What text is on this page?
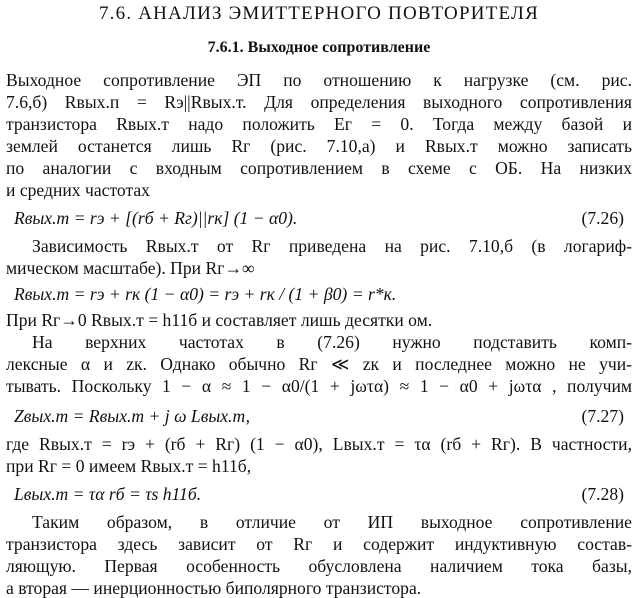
7.6. АНАЛИЗ ЭМИТТЕРНОГО ПОВТОРИТЕЛЯ
7.6.1. Выходное сопротивление
Выходное сопротивление ЭП по отношению к нагрузке (см. рис.
7.6,б) Rвых.п = Rэ||Rвых.т. Для определения выходного сопротивления
транзистора Rвых.т надо положить Eг = 0. Тогда между базой и
землей останется лишь Rг (рис. 7.10,а) и Rвых.т можно записать
по аналогии с входным сопротивлением в схеме с ОБ. На низких
и средних частотах
Rвых.т = rэ + [(rб + Rг)||rк] (1 − α0).	(7.26)
Зависимость Rвых.т от Rг приведена на рис. 7.10,б (в логариф-
мическом масштабе). При Rг→∞
Rвых.т = rэ + rк (1 − α0) = rэ + rк / (1 + β0) = r*к.
При Rг→0 Rвых.т = h11б и составляет лишь десятки ом.
На верхних частотах в (7.26) нужно подставить комп-
лексные α и zк. Однако обычно Rг ≪ zк и последнее можно не учи-
тывать. Поскольку 1 − α ≈ 1 − α0/(1 + jωτα) ≈ 1 − α0 + jωτα , получим
Zвых.т = Rвых.т + j ω Lвых.т,	(7.27)
где Rвых.т = rэ + (rб + Rг) (1 − α0), Lвых.т = τα (rб + Rг). В частности,
при Rг = 0 имеем Rвых.т = h11б,
Lвых.т = τα rб = τs h11б.	(7.28)
Таким образом, в отличие от ИП выходное сопротивление
транзистора здесь зависит от Rг и содержит индуктивную состав-
ляющую. Первая особенность обусловлена наличием тока базы,
а вторая — инерционностью биполярного транзистора.
